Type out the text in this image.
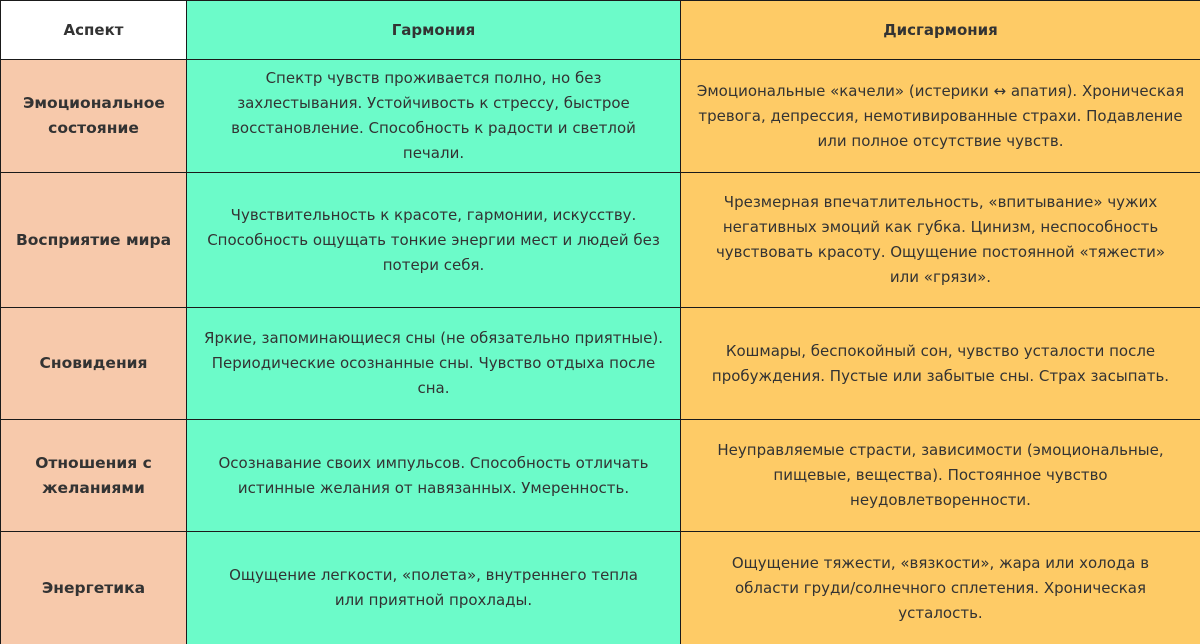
Аспект	Гармония	Дисгармония
Эмоциональное состояние	Спектр чувств проживается полно, но без захлестывания. Устойчивость к стрессу, быстрое восстановление. Способность к радости и светлой печали.	Эмоциональные «качели» (истерики ↔ апатия). Хроническая тревога, депрессия, немотивированные страхи. Подавление или полное отсутствие чувств.
Восприятие мира	Чувствительность к красоте, гармонии, искусству. Способность ощущать тонкие энергии мест и людей без потери себя.	Чрезмерная впечатлительность, «впитывание» чужих негативных эмоций как губка. Цинизм, неспособность чувствовать красоту. Ощущение постоянной «тяжести» или «грязи».
Сновидения	Яркие, запоминающиеся сны (не обязательно приятные). Периодические осознанные сны. Чувство отдыха после сна.	Кошмары, беспокойный сон, чувство усталости после пробуждения. Пустые или забытые сны. Страх засыпать.
Отношения с желаниями	Осознавание своих импульсов. Способность отличать истинные желания от навязанных. Умеренность.	Неуправляемые страсти, зависимости (эмоциональные, пищевые, вещества). Постоянное чувство неудовлетворенности.
Энергетика	Ощущение легкости, «полета», внутреннего тепла или приятной прохлады.	Ощущение тяжести, «вязкости», жара или холода в области груди/солнечного сплетения. Хроническая усталость.
